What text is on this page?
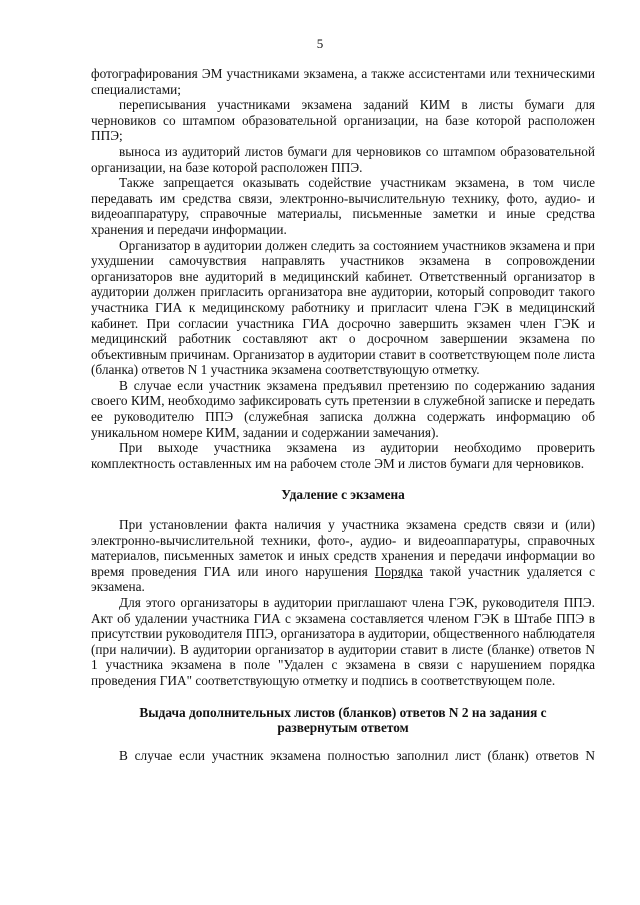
5

фотографирования ЭМ участниками экзамена, а также ассистентами или техническими специалистами;

переписывания участниками экзамена заданий КИМ в листы бумаги для черновиков со штампом образовательной организации, на базе которой расположен ППЭ;

выноса из аудиторий листов бумаги для черновиков со штампом образовательной организации, на базе которой расположен ППЭ.

Также запрещается оказывать содействие участникам экзамена, в том числе передавать им средства связи, электронно-вычислительную технику, фото, аудио- и видеоаппаратуру, справочные материалы, письменные заметки и иные средства хранения и передачи информации.

Организатор в аудитории должен следить за состоянием участников экзамена и при ухудшении самочувствия направлять участников экзамена в сопровождении организаторов вне аудиторий в медицинский кабинет. Ответственный организатор в аудитории должен пригласить организатора вне аудитории, который сопроводит такого участника ГИА к медицинскому работнику и пригласит члена ГЭК в медицинский кабинет. При согласии участника ГИА досрочно завершить экзамен член ГЭК и медицинский работник составляют акт о досрочном завершении экзамена по объективным причинам. Организатор в аудитории ставит в соответствующем поле листа (бланка) ответов N 1 участника экзамена соответствующую отметку.

В случае если участник экзамена предъявил претензию по содержанию задания своего КИМ, необходимо зафиксировать суть претензии в служебной записке и передать ее руководителю ППЭ (служебная записка должна содержать информацию об уникальном номере КИМ, задании и содержании замечания).

При выходе участника экзамена из аудитории необходимо проверить комплектность оставленных им на рабочем столе ЭМ и листов бумаги для черновиков.

Удаление с экзамена

При установлении факта наличия у участника экзамена средств связи и (или) электронно-вычислительной техники, фото-, аудио- и видеоаппаратуры, справочных материалов, письменных заметок и иных средств хранения и передачи информации во время проведения ГИА или иного нарушения Порядка такой участник удаляется с экзамена.

Для этого организаторы в аудитории приглашают члена ГЭК, руководителя ППЭ. Акт об удалении участника ГИА с экзамена составляется членом ГЭК в Штабе ППЭ в присутствии руководителя ППЭ, организатора в аудитории, общественного наблюдателя (при наличии). В аудитории организатор в аудитории ставит в листе (бланке) ответов N 1 участника экзамена в поле "Удален с экзамена в связи с нарушением порядка проведения ГИА" соответствующую отметку и подпись в соответствующем поле.

Выдача дополнительных листов (бланков) ответов N 2 на задания с
развернутым ответом

В случае если участник экзамена полностью заполнил лист (бланк) ответов N
